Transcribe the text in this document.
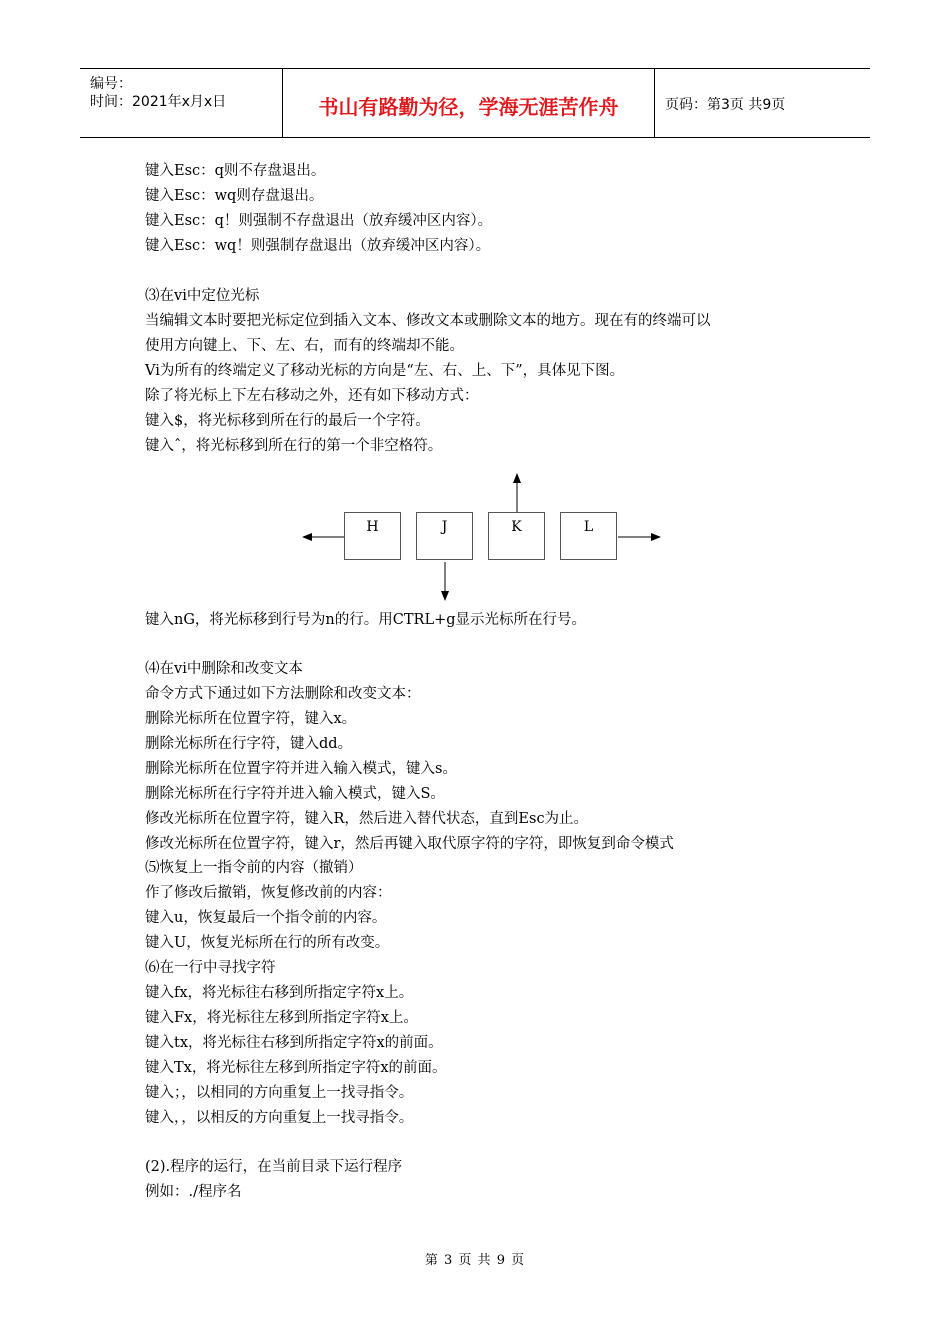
编号：
时间：2021年x月x日	书山有路勤为径，学海无涯苦作舟	页码：第3页 共9页
键入Esc：q则不存盘退出。
键入Esc：wq则存盘退出。
键入Esc：q！则强制不存盘退出（放弃缓冲区内容）。
键入Esc：wq！则强制存盘退出（放弃缓冲区内容）。
⑶在vi中定位光标
当编辑文本时要把光标定位到插入文本、修改文本或删除文本的地方。现在有的终端可以
使用方向键上、下、左、右，而有的终端却不能。
Vi为所有的终端定义了移动光标的方向是“左、右、上、下”，具体见下图。
除了将光标上下左右移动之外，还有如下移动方式：
键入$，将光标移到所在行的最后一个字符。
键入ˆ，将光标移到所在行的第一个非空格符。
H	J	K	L
键入nG，将光标移到行号为n的行。用CTRL+g显示光标所在行号。
⑷在vi中删除和改变文本
命令方式下通过如下方法删除和改变文本：
删除光标所在位置字符，键入x。
删除光标所在行字符，键入dd。
删除光标所在位置字符并进入输入模式，键入s。
删除光标所在行字符并进入输入模式，键入S。
修改光标所在位置字符，键入R，然后进入替代状态，直到Esc为止。
修改光标所在位置字符，键入r，然后再键入取代原字符的字符，即恢复到命令模式
⑸恢复上一指令前的内容（撤销）
作了修改后撤销，恢复修改前的内容：
键入u，恢复最后一个指令前的内容。
键入U，恢复光标所在行的所有改变。
⑹在一行中寻找字符
键入fx，将光标往右移到所指定字符x上。
键入Fx，将光标往左移到所指定字符x上。
键入tx，将光标往右移到所指定字符x的前面。
键入Tx，将光标往左移到所指定字符x的前面。
键入；，以相同的方向重复上一找寻指令。
键入，，以相反的方向重复上一找寻指令。
(2).程序的运行，在当前目录下运行程序
例如：./程序名
第 3 页 共 9 页
